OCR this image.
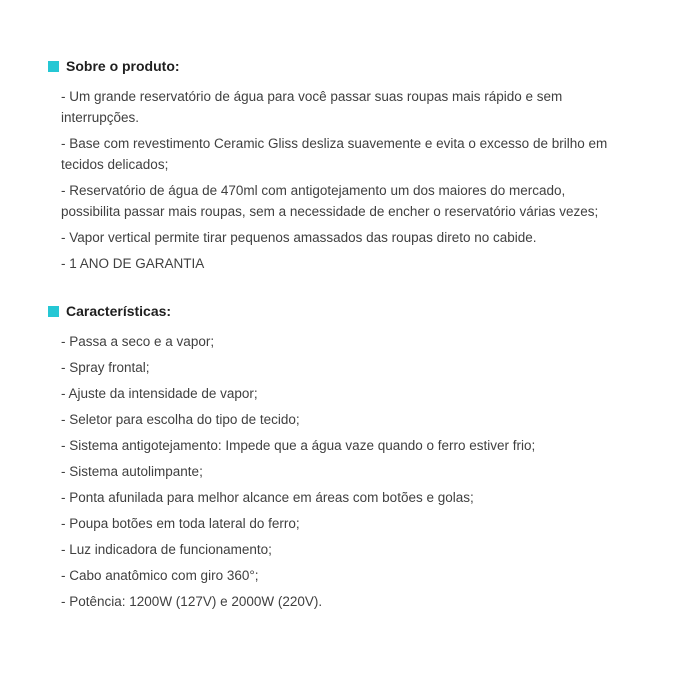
Sobre o produto:

- Um grande reservatório de água para você passar suas roupas mais rápido e sem interrupções.

- Base com revestimento Ceramic Gliss desliza suavemente e evita o excesso de brilho em tecidos delicados;

- Reservatório de água de 470ml com antigotejamento um dos maiores do mercado, possibilita passar mais roupas, sem a necessidade de encher o reservatório várias vezes;

- Vapor vertical permite tirar pequenos amassados das roupas direto no cabide.

- 1 ANO DE GARANTIA

Características:

- Passa a seco e a vapor;

- Spray frontal;

- Ajuste da intensidade de vapor;

- Seletor para escolha do tipo de tecido;

- Sistema antigotejamento: Impede que a água vaze quando o ferro estiver frio;

- Sistema autolimpante;

- Ponta afunilada para melhor alcance em áreas com botões e golas;

- Poupa botões em toda lateral do ferro;

- Luz indicadora de funcionamento;

- Cabo anatômico com giro 360°;

- Potência: 1200W (127V) e 2000W (220V).
